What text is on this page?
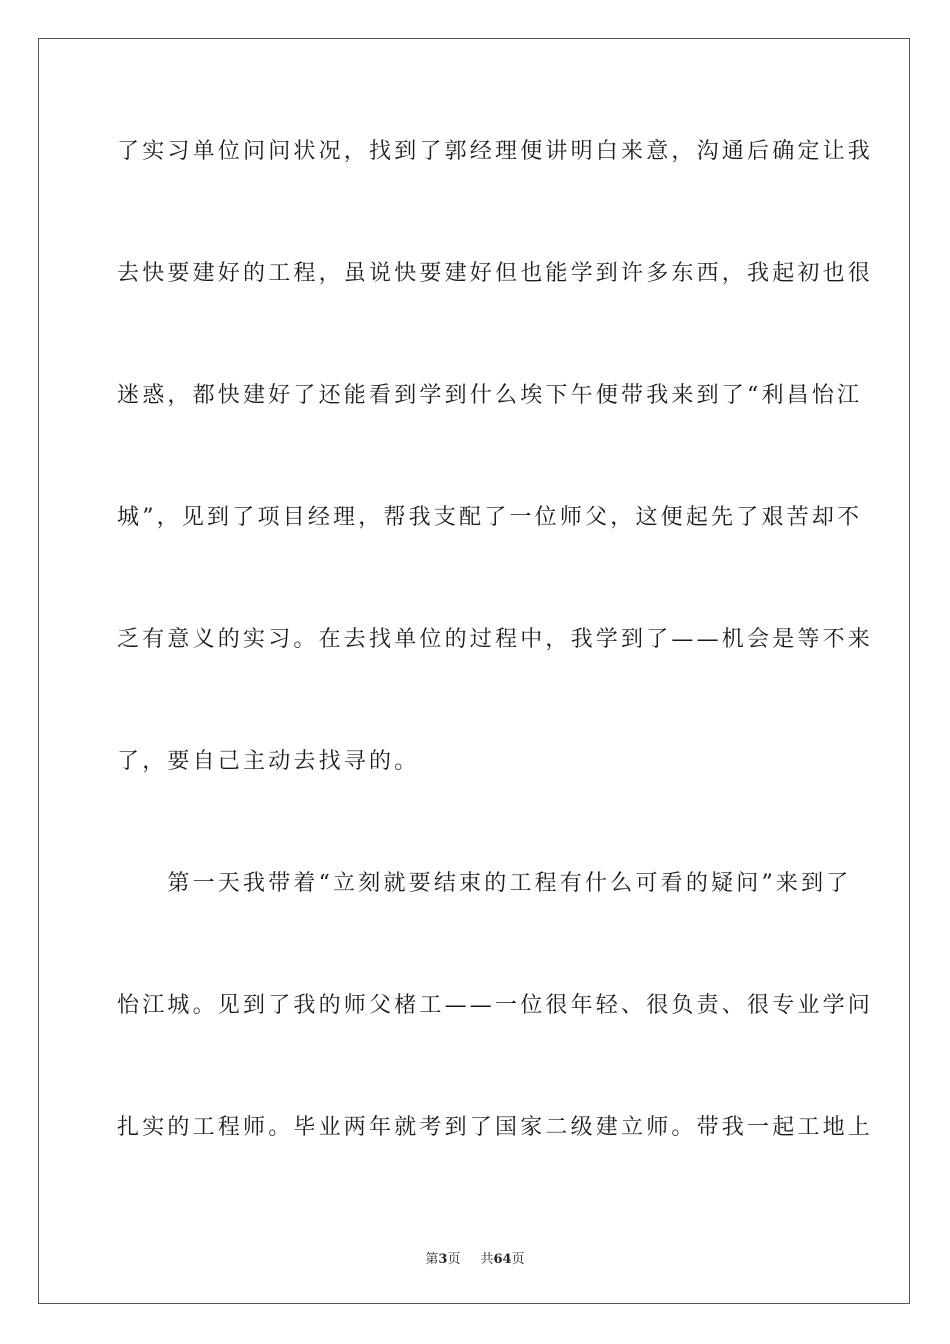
了实习单位问问状况，找到了郭经理便讲明白来意，沟通后确定让我
去快要建好的工程，虽说快要建好但也能学到许多东西，我起初也很
迷惑，都快建好了还能看到学到什么埃下午便带我来到了“利昌怡江
城”，见到了项目经理，帮我支配了一位师父，这便起先了艰苦却不
乏有意义的实习。在去找单位的过程中，我学到了——机会是等不来
了，要自己主动去找寻的。
　　第一天我带着“立刻就要结束的工程有什么可看的疑问”来到了
怡江城。见到了我的师父楮工——一位很年轻、很负责、很专业学问
扎实的工程师。毕业两年就考到了国家二级建立师。带我一起工地上
第3页 共64页
